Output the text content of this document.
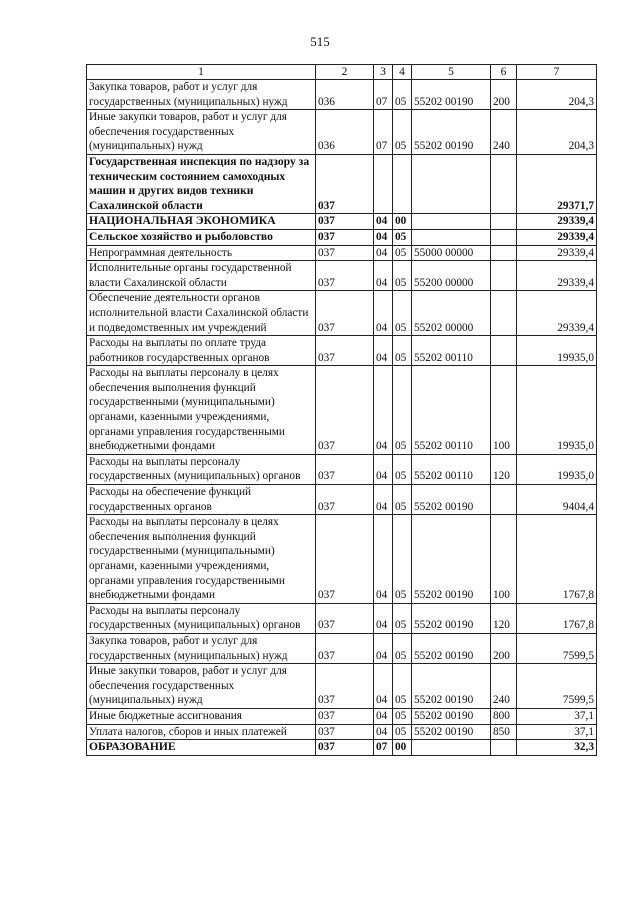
515
1	2	3	4	5	6	7
Закупка товаров, работ и услуг для государственных (муниципальных) нужд	036	07	05	55202 00190	200	204,3
Иные закупки товаров, работ и услуг для обеспечения государственных (муниципальных) нужд	036	07	05	55202 00190	240	204,3
Государственная инспекция по надзору за техническим состоянием самоходных машин и других видов техники Сахалинской области	037					29371,7
НАЦИОНАЛЬНАЯ ЭКОНОМИКА	037	04	00			29339,4
Сельское хозяйство и рыболовство	037	04	05			29339,4
Непрограммная деятельность	037	04	05	55000 00000		29339,4
Исполнительные органы государственной власти Сахалинской области	037	04	05	55200 00000		29339,4
Обеспечение деятельности органов исполнительной власти Сахалинской области и подведомственных им учреждений	037	04	05	55202 00000		29339,4
Расходы на выплаты по оплате труда работников государственных органов	037	04	05	55202 00110		19935,0
Расходы на выплаты персоналу в целях обеспечения выполнения функций государственными (муниципальными) органами, казенными учреждениями, органами управления государственными внебюджетными фондами	037	04	05	55202 00110	100	19935,0
Расходы на выплаты персоналу государственных (муниципальных) органов	037	04	05	55202 00110	120	19935,0
Расходы на обеспечение функций государственных органов	037	04	05	55202 00190		9404,4
Расходы на выплаты персоналу в целях обеспечения выполнения функций государственными (муниципальными) органами, казенными учреждениями, органами управления государственными внебюджетными фондами	037	04	05	55202 00190	100	1767,8
Расходы на выплаты персоналу государственных (муниципальных) органов	037	04	05	55202 00190	120	1767,8
Закупка товаров, работ и услуг для государственных (муниципальных) нужд	037	04	05	55202 00190	200	7599,5
Иные закупки товаров, работ и услуг для обеспечения государственных (муниципальных) нужд	037	04	05	55202 00190	240	7599,5
Иные бюджетные ассигнования	037	04	05	55202 00190	800	37,1
Уплата налогов, сборов и иных платежей	037	04	05	55202 00190	850	37,1
ОБРАЗОВАНИЕ	037	07	00			32,3
